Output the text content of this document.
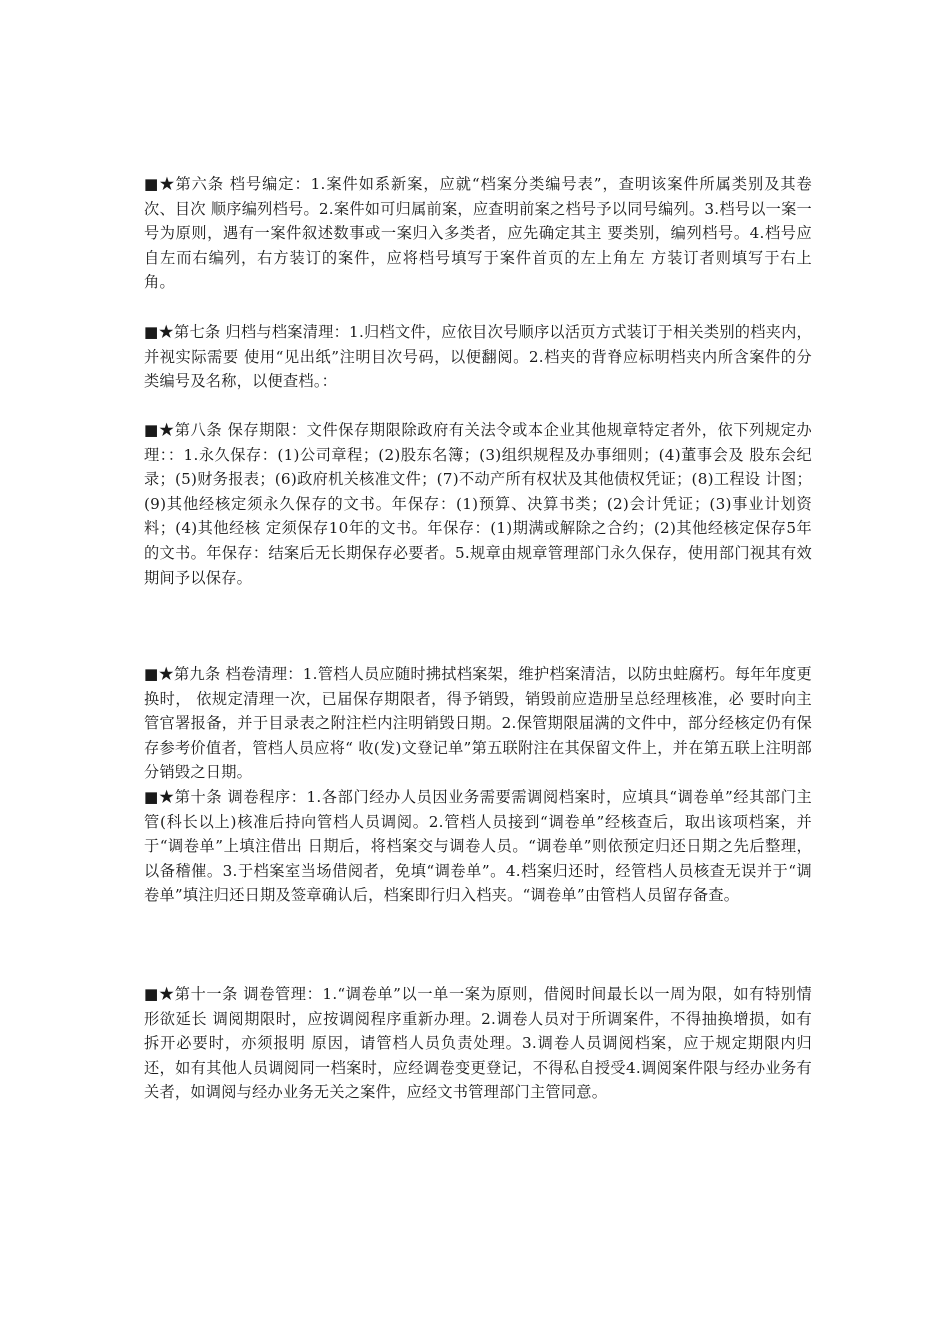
■★第六条 档号编定：1.案件如系新案，应就“档案分类编号表”，查明该案件所属类别及其卷次、目次 顺序编列档号。2.案件如可归属前案，应查明前案之档号予以同号编列。3.档号以一案一号为原则，遇有一案件叙述数事或一案归入多类者，应先确定其主 要类别，编列档号。4.档号应自左而右编列，右方装订的案件，应将档号填写于案件首页的左上角左 方装订者则填写于右上角。

■★第七条 归档与档案清理：1.归档文件，应依目次号顺序以活页方式装订于相关类别的档夹内，并视实际需要 使用“见出纸”注明目次号码，以便翻阅。2.档夹的背脊应标明档夹内所含案件的分类编号及名称，以便查档。：

■★第八条 保存期限：文件保存期限除政府有关法令或本企业其他规章特定者外，依下列规定办理：：1.永久保存：(1)公司章程；(2)股东名簿；(3)组织规程及办事细则；(4)董事会及 股东会纪 录；(5)财务报表；(6)政府机关核准文件；(7)不动产所有权状及其他债权凭证；(8)工程设 计图；(9)其他经核定须永久保存的文书。年保存：(1)预算、决算书类；(2)会计凭证；(3)事业计划资料；(4)其他经核 定须保存10年的文书。年保存：(1)期满或解除之合约；(2)其他经核定保存5年的文书。年保存：结案后无长期保存必要者。5.规章由规章管理部门永久保存，使用部门视其有效期间予以保存。

■★第九条 档卷清理：1.管档人员应随时拂拭档案架，维护档案清洁，以防虫蛀腐朽。每年年度更换时， 依规定清理一次，已届保存期限者，得予销毁，销毁前应造册呈总经理核准，必 要时向主管官署报备，并于目录表之附注栏内注明销毁日期。2.保管期限届满的文件中，部分经核定仍有保存参考价值者，管档人员应将“ 收(发)文登记单”第五联附注在其保留文件上，并在第五联上注明部分销毁之日期。

■★第十条 调卷程序：1.各部门经办人员因业务需要需调阅档案时，应填具“调卷单”经其部门主 管(科长以上)核准后持向管档人员调阅。2.管档人员接到“调卷单”经核查后，取出该项档案，并于“调卷单”上填注借出 日期后，将档案交与调卷人员。“调卷单”则依预定归还日期之先后整理，以备稽催。3.于档案室当场借阅者，免填“调卷单”。4.档案归还时，经管档人员核查无误并于“调卷单”填注归还日期及签章确认后，档案即行归入档夹。“调卷单”由管档人员留存备查。

■★第十一条 调卷管理：1.“调卷单”以一单一案为原则，借阅时间最长以一周为限，如有特别情形欲延长 调阅期限时，应按调阅程序重新办理。2.调卷人员对于所调案件，不得抽换增损，如有拆开必要时，亦须报明 原因，请管档人员负责处理。3.调卷人员调阅档案，应于规定期限内归还，如有其他人员调阅同一档案时，应经调卷变更登记，不得私自授受4.调阅案件限与经办业务有关者，如调阅与经办业务无关之案件，应经文书管理部门主管同意。
